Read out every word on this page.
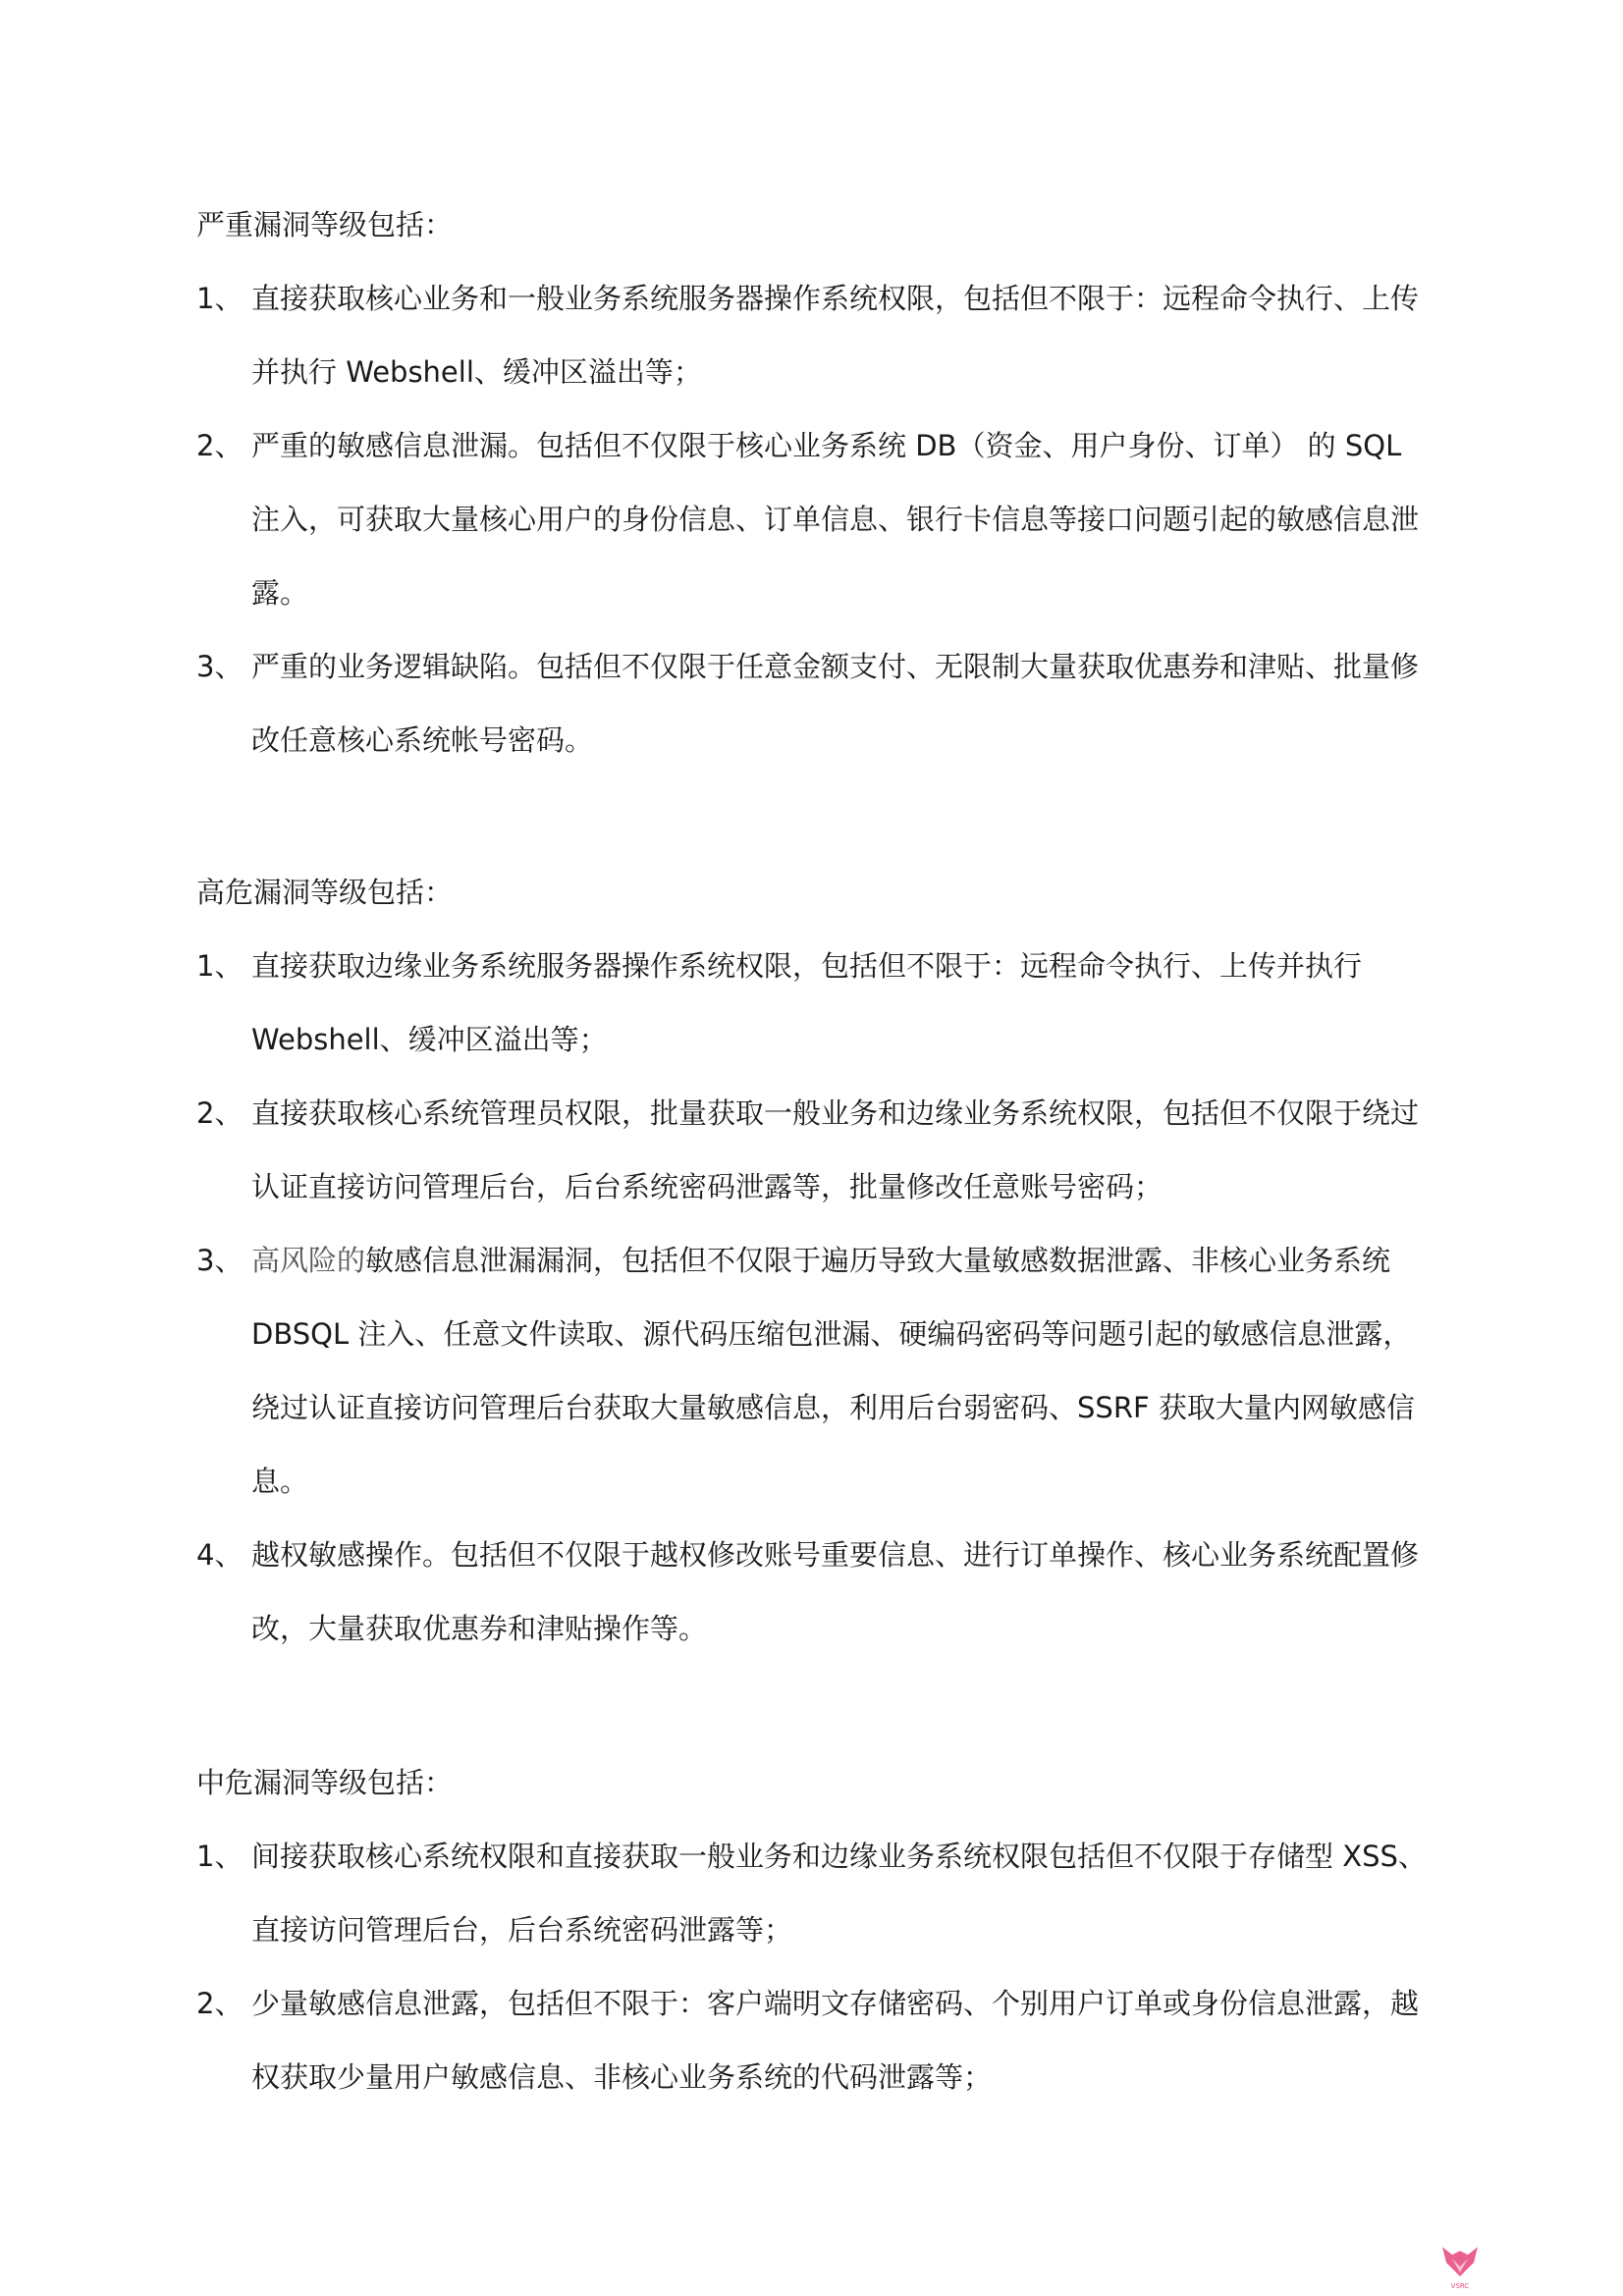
严重漏洞等级包括：
1、 直接获取核心业务和一般业务系统服务器操作系统权限，包括但不限于：远程命令执行、上传
并执行 Webshell、缓冲区溢出等；
2、 严重的敏感信息泄漏。包括但不仅限于核心业务系统 DB（资金、用户身份、订单） 的 SQL
注入，可获取大量核心用户的身份信息、订单信息、银行卡信息等接口问题引起的敏感信息泄
露。
3、 严重的业务逻辑缺陷。包括但不仅限于任意金额支付、无限制大量获取优惠券和津贴、批量修
改任意核心系统帐号密码。
高危漏洞等级包括：
1、 直接获取边缘业务系统服务器操作系统权限，包括但不限于：远程命令执行、上传并执行
Webshell、缓冲区溢出等；
2、 直接获取核心系统管理员权限，批量获取一般业务和边缘业务系统权限，包括但不仅限于绕过
认证直接访问管理后台，后台系统密码泄露等，批量修改任意账号密码；
3、 高风险的敏感信息泄漏漏洞，包括但不仅限于遍历导致大量敏感数据泄露、非核心业务系统
DBSQL 注入、任意文件读取、源代码压缩包泄漏、硬编码密码等问题引起的敏感信息泄露，
绕过认证直接访问管理后台获取大量敏感信息，利用后台弱密码、SSRF 获取大量内网敏感信
息。
4、 越权敏感操作。包括但不仅限于越权修改账号重要信息、进行订单操作、核心业务系统配置修
改，大量获取优惠券和津贴操作等。
中危漏洞等级包括：
1、 间接获取核心系统权限和直接获取一般业务和边缘业务系统权限包括但不仅限于存储型 XSS、
直接访问管理后台，后台系统密码泄露等；
2、 少量敏感信息泄露，包括但不限于：客户端明文存储密码、个别用户订单或身份信息泄露，越
权获取少量用户敏感信息、非核心业务系统的代码泄露等；
VSRC
